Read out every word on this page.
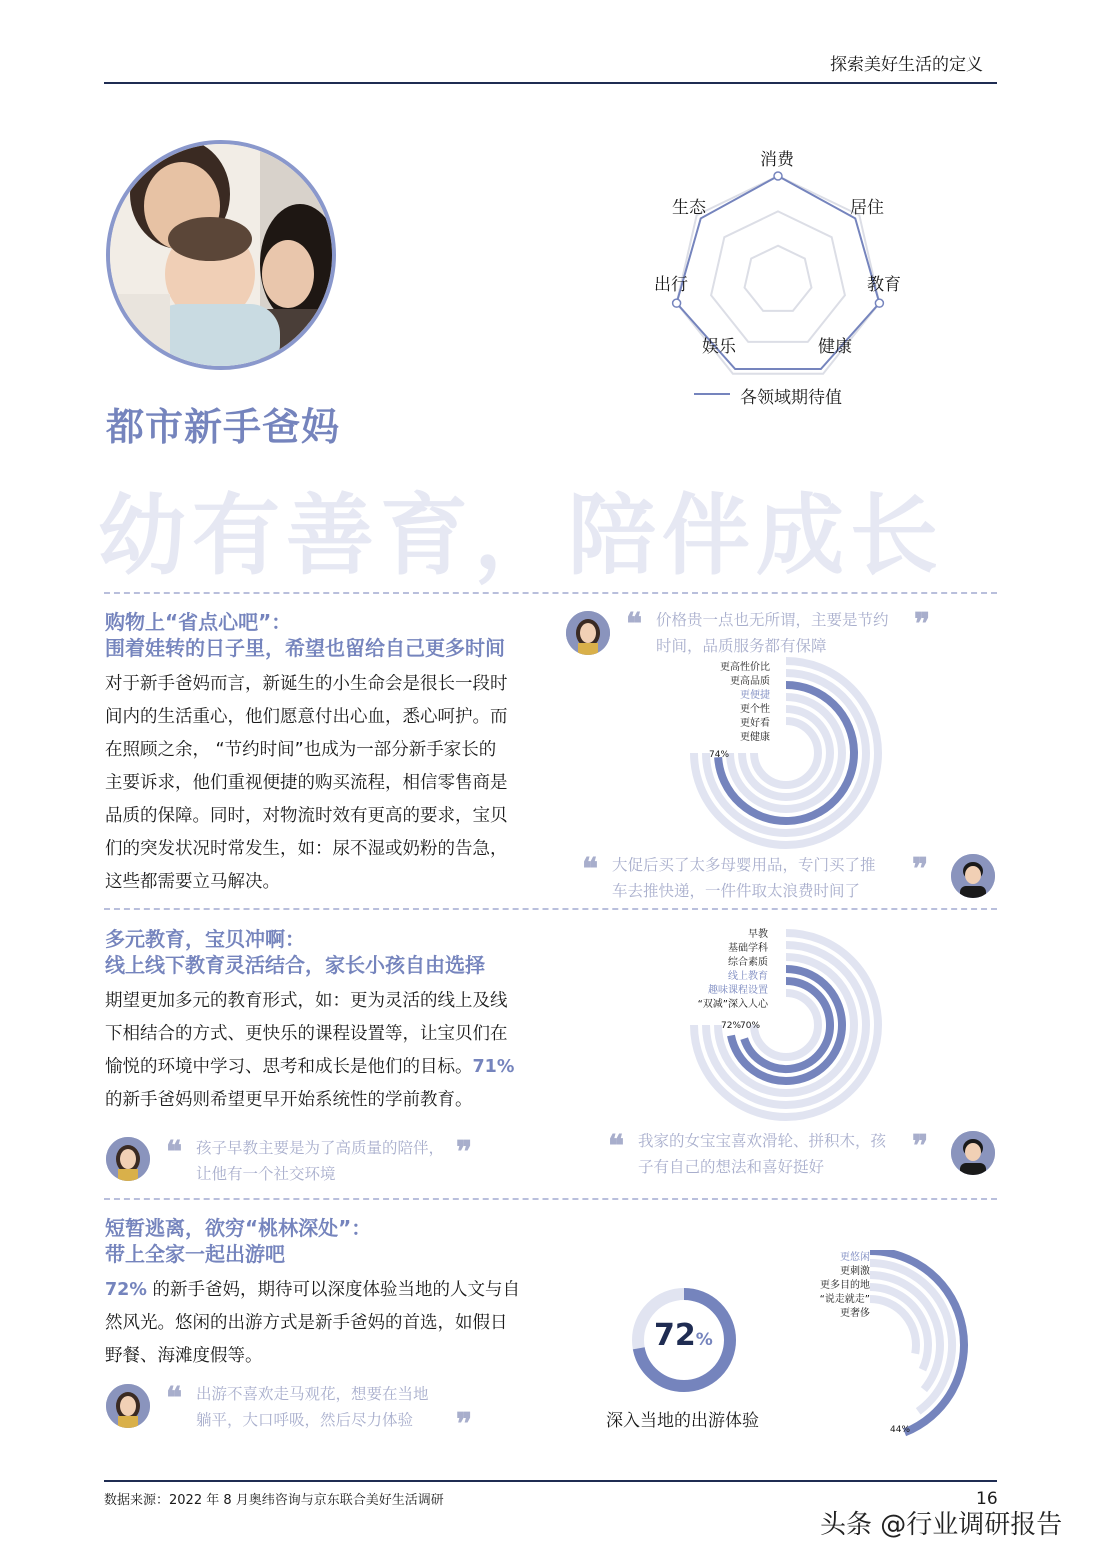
探索美好生活的定义
消费
居住
教育
健康
娱乐
出行
生态
各领域期待值
都市新手爸妈
幼有善育，陪伴成长
购物上“省点心吧”：
围着娃转的日子里，希望也留给自己更多时间
对于新手爸妈而言，新诞生的小生命会是很长一段时
间内的生活重心，他们愿意付出心血，悉心呵护。而
在照顾之余， “节约时间”也成为一部分新手家长的
主要诉求，他们重视便捷的购买流程，相信零售商是
品质的保障。同时，对物流时效有更高的要求，宝贝
们的突发状况时常发生，如：尿不湿或奶粉的告急，
这些都需要立马解决。
❝ 价格贵一点也无所谓，主要是节约
时间，品质服务都有保障
❞
更高性价比
更高品质
更便捷
更个性
更好看
更健康
74%
❝ 大促后买了太多母婴用品，专门买了推
车去推快递，一件件取太浪费时间了
❞
多元教育，宝贝冲啊：
线上线下教育灵活结合，家长小孩自由选择
期望更加多元的教育形式，如：更为灵活的线上及线
下相结合的方式、更快乐的课程设置等，让宝贝们在
愉悦的环境中学习、思考和成长是他们的目标。71%
的新手爸妈则希望更早开始系统性的学前教育。
早教
基础学科
综合素质
线上教育
趣味课程设置
“双减”深入人心
72%
70%
❝ 孩子早教主要是为了高质量的陪伴，
让他有一个社交环境
❞	❝ 我家的女宝宝喜欢滑轮、拼积木，孩
子有自己的想法和喜好挺好
❞
短暂逃离，欲穷“桃林深处”：
带上全家一起出游吧
72% 的新手爸妈，期待可以深度体验当地的人文与自
然风光。悠闲的出游方式是新手爸妈的首选，如假日
野餐、海滩度假等。
❝ 出游不喜欢走马观花，想要在当地
躺平，大口呼吸，然后尽力体验	❞
72%
深入当地的出游体验
更悠闲
更刺激
更多目的地
“说走就走”
更奢侈
44%
数据来源：2022 年 8 月奥纬咨询与京东联合美好生活调研	16
头条 @行业调研报告
